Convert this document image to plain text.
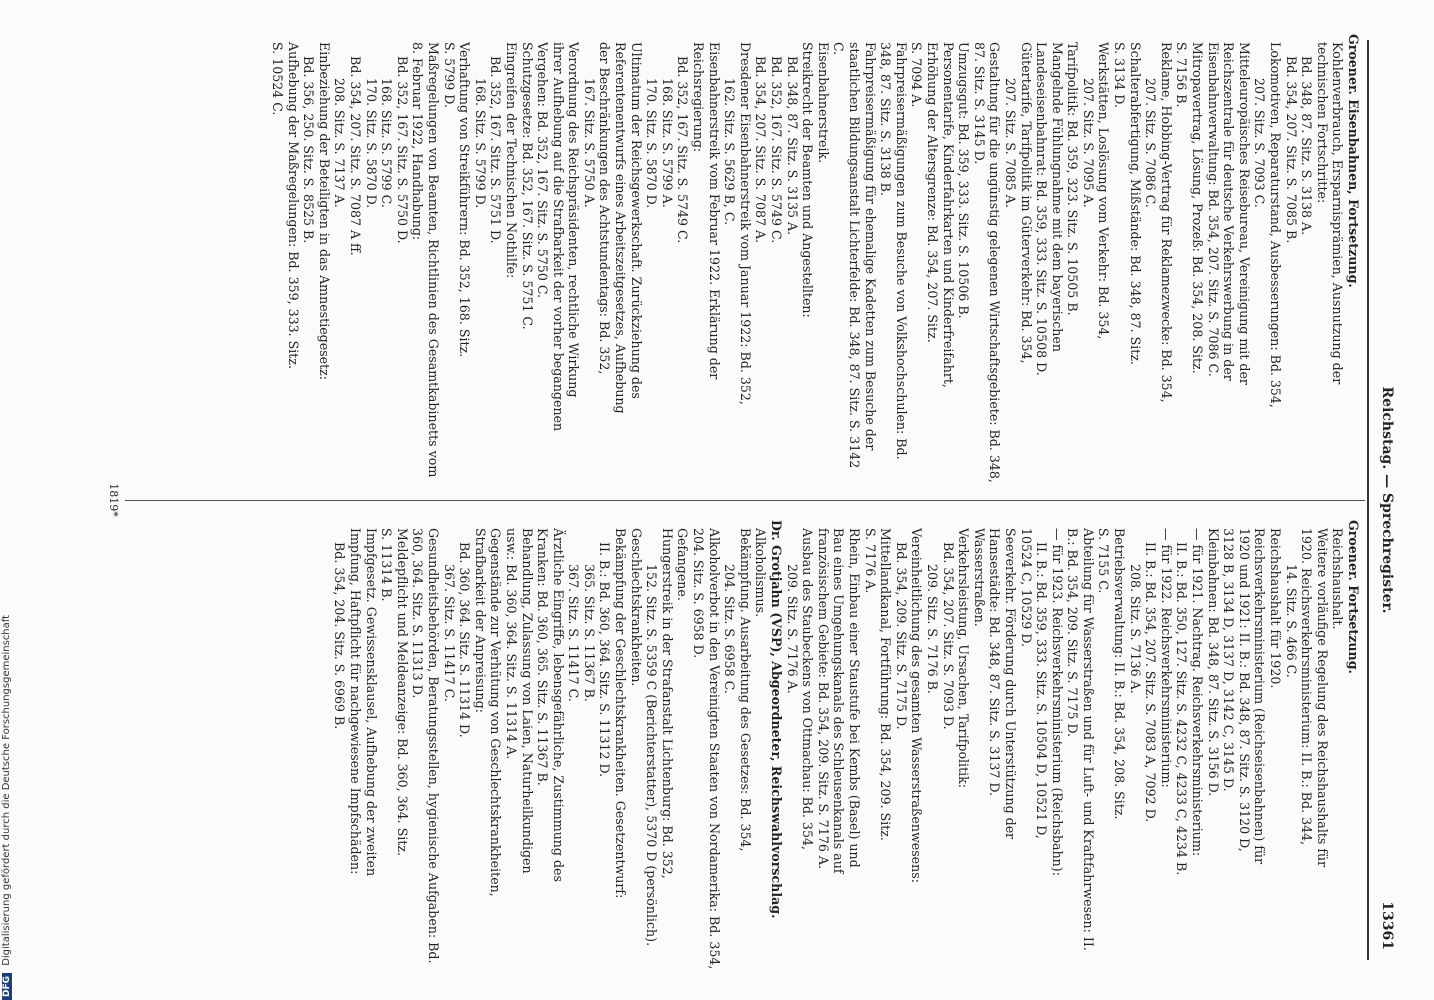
Reichstag. — Sprechregister.
13361
Groener. Eisenbahnen, Fortsetzung.
Kohlenverbrauch, Ersparnisprämien, Ausnutzung der
technischen Fortschritte:
Bd. 348, 87. Sitz. S. 3138 A.
Bd. 354, 207. Sitz. S. 7085 B.
Lokomotiven, Reparaturstand, Ausbesserungen: Bd. 354,
207. Sitz. S. 7093 C.
Mitteleuropäisches Reisebureau, Vereinigung mit der
Reichszentrale für deutsche Verkehrswerbung in der
Eisenbahnverwaltung: Bd. 354, 207. Sitz. S. 7086 C.
Mitropavertrag, Lösung, Prozeß: Bd. 354, 208. Sitz.
S. 7156 B.
Reklame, Hobbing-Vertrag für Reklamezwecke: Bd. 354,
207. Sitz. S. 7086 C.
Schalterabfertigung, Mißstände: Bd. 348, 87. Sitz.
S. 3134 D.
Werkstätten, Loslösung vom Verkehr: Bd. 354,
207. Sitz. S. 7095 A.
Tarifpolitik: Bd. 359, 323. Sitz. S. 10505 B.
Mangelnde Fühlungnahme mit dem bayerischen Landeseisenbahnrat: Bd. 359, 333. Sitz. S. 10508 D.
Gütertarife, Tarifpolitik im Güterverkehr: Bd. 354,
207. Sitz. S. 7085 A.
Gestaltung für die ungünstig gelegenen Wirtschaftsgebiete: Bd. 348, 87. Sitz. S. 3145 D.
Umzugsgut: Bd. 359, 333. Sitz. S. 10506 B.
Personentarife, Kinderfahrkarten und Kinderfreifahrt,
Erhöhung der Altersgrenze: Bd. 354, 207. Sitz.
S. 7094 A.
Fahrpreisermäßigungen zum Besuche von Volkshochschulen: Bd. 348, 87. Sitz. S. 3138 B.
Fahrpreisermäßigung für ehemalige Kadetten zum Besuche der staatlichen Bildungsanstalt Lichterfelde: Bd. 348, 87. Sitz. S. 3142 C.
Eisenbahnerstreik.
Streikrecht der Beamten und Angestellten:
Bd. 348, 87. Sitz. S. 3135 A.
Bd. 352, 167. Sitz. S. 5749 C.
Bd. 354, 207. Sitz. S. 7087 A.
Dresdener Eisenbahnerstreik vom Januar 1922: Bd. 352,
162. Sitz. S. 5629 B, C.
Eisenbahnerstreik vom Februar 1922. Erklärung der
Reichsregierung:
Bd. 352, 167. Sitz. S. 5749 C.
168. Sitz. S. 5799 A.
170. Sitz. S. 5870 D.
Ultimatum der Reichsgewerkschaft. Zurückziehung des
Referentenentwurfs eines Arbeitszeitgesetzes, Aufhebung
der Beschränkungen des Achtstundentags: Bd. 352,
167. Sitz. S. 5750 A.
Verordnung des Reichspräsidenten, rechtliche Wirkung
ihrer Aufhebung auf die Strafbarkeit der vorher begangenen Vergehen: Bd. 352, 167. Sitz. S. 5750 C.
Schutzgesetze: Bd. 352, 167. Sitz. S. 5751 C.
Eingreifen der Technischen Nothilfe:
Bd. 352, 167. Sitz. S. 5751 D.
168. Sitz. S. 5799 D.
Verhaftung von Streikführern: Bd. 352, 168. Sitz.
S. 5799 D.
Maßregelungen von Beamten, Richtlinien des Gesamtkabinetts vom 8. Februar 1922, Handhabung:
Bd. 352, 167. Sitz. S. 5750 D.
168. Sitz. S. 5799 C.
170. Sitz. S. 5870 D.
Bd. 354, 207. Sitz. S. 7087 A ff.
208. Sitz. S. 7137 A.
Einbeziehung der Beteiligten in das Amnestiegesetz:
Bd. 356, 250. Sitz. S. 8525 B.
Aufhebung der Maßregelungen: Bd. 359, 333. Sitz.
S. 10524 C.
Groener. Fortsetzung.
Reichshaushalt.
Weitere vorläufige Regelung des Reichshaushalts für
1920. Reichsverkehrsministerium: II. B.: Bd. 344,
14. Sitz. S. 466 C.
Reichshaushalt für 1920.
Reichsverkehrsministerium (Reichseisenbahnen) für
1920 und 1921: II. B.: Bd. 348, 87. Sitz. S. 3120 D,
3128 B, 3134 D, 3137 D, 3142 C, 3145 D.
Kleinbahnen: Bd. 348, 87. Sitz. S. 3156 D.
— für 1921. Nachtrag. Reichsverkehrsministerium:
II. B.: Bd. 350, 127. Sitz. S. 4232 C, 4233 C, 4234 B.
— für 1922. Reichsverkehrsministerium:
II. B.: Bd. 354, 207. Sitz. S. 7083 A, 7092 D.
208. Sitz. S. 7136 A.
Betriebsverwaltung: II. B.: Bd. 354, 208. Sitz.
S. 7155 C.
Abteilung für Wasserstraßen und für Luft- und Kraftfahrwesen: II. B.: Bd. 354, 209. Sitz. S. 7175 D.
— für 1923. Reichsverkehrsministerium (Reichsbahn):
II. B.: Bd. 359, 333. Sitz. S. 10504 D, 10521 D,
10524 C, 10529 D.
Seeverkehr. Förderung durch Unterstützung der
Hansestädte: Bd. 348, 87. Sitz. S. 3137 D.
Wasserstraßen.
Verkehrsleistung, Ursachen, Tarifpolitik:
Bd. 354, 207. Sitz. S. 7093 D.
209. Sitz. S. 7176 B.
Vereinheitlichung des gesamten Wasserstraßenwesens:
Bd. 354, 209. Sitz. S. 7175 D.
Mittellandkanal, Fortführung: Bd. 354, 209. Sitz.
S. 7176 A.
Rhein, Einbau einer Staustufe bei Kembs (Basel) und
Bau eines Umgehungskanals des Schleusenkanals auf
französischem Gebiete: Bd. 354, 209. Sitz. S. 7176 A.
Ausbau des Staubeckens von Ottmachau: Bd. 354,
209. Sitz. S. 7176 A.
Dr. Grotjahn (VSP), Abgeordneter, Reichswahlvorschlag.
Alkoholismus.
Bekämpfung. Ausarbeitung des Gesetzes: Bd. 354,
204. Sitz. S. 6958 C.
Alkoholverbot in den Vereinigten Staaten von Nordamerika: Bd. 354, 204. Sitz. S. 6958 D.
Gefangene.
Hungerstreik in der Strafanstalt Lichtenburg: Bd. 352,
152. Sitz. S. 5359 C (Berichterstatter), 5370 D (persönlich).
Geschlechtskrankheiten.
Bekämpfung der Geschlechtskrankheiten. Gesetzentwurf:
II. B.: Bd. 360, 364. Sitz. S. 11312 D.
365. Sitz. S. 11367 B.
367. Sitz. S. 11417 C.
Ärztliche Eingriffe, lebensgefährliche, Zustimmung des
Kranken: Bd. 360, 365. Sitz. S. 11367 B.
Behandlung, Zulassung von Laien, Naturheilkundigen
usw.: Bd. 360, 364. Sitz. S. 11314 A.
Gegenstände zur Verhütung von Geschlechtskrankheiten,
Strafbarkeit der Anpreisung:
Bd. 360, 364. Sitz. S. 11314 D.
367. Sitz. S. 11417 C.
Gesundheitsbehörden, Beratungsstellen, hygienische Aufgaben: Bd. 360, 364. Sitz. S. 11313 D.
Meldepflicht und Meldeanzeige: Bd. 360, 364. Sitz.
S. 11314 B.
Impfgesetz. Gewissensklausel, Aufhebung der zweiten
Impfung, Haftpflicht für nachgewiesene Impfschäden:
Bd. 354, 204. Sitz. S. 6969 B.
1819*
DFG Digitalisierung gefördert durch die Deutsche Forschungsgemeinschaft
